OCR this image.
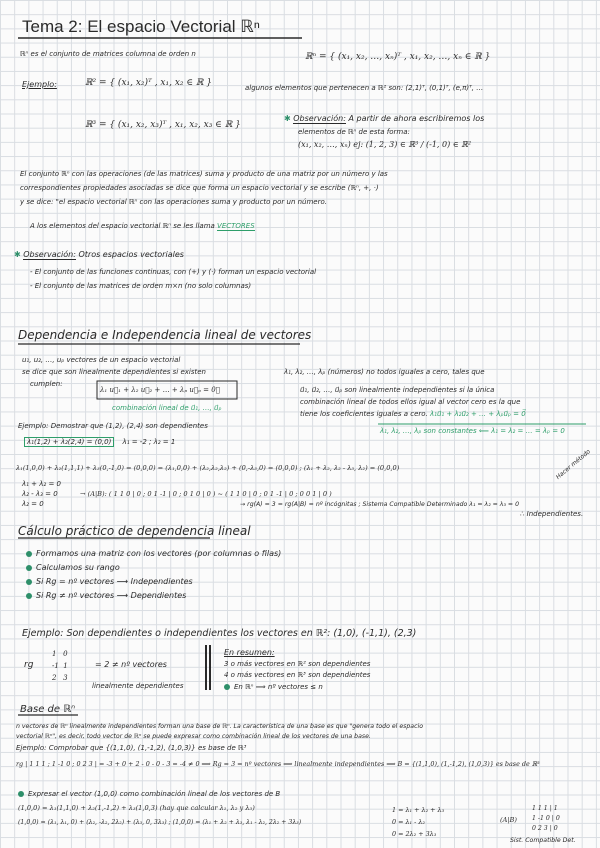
Tema 2: El espacio Vectorial ℝⁿ
ℝⁿ es el conjunto de matrices columna de orden n	ℝⁿ = { (x₁, x₂, …, xₙ)ᵀ , x₁, x₂, …, xₙ ∈ ℝ }
Ejemplo:	ℝ² = { (x₁, x₂)ᵀ , x₁, x₂ ∈ ℝ }	algunos elementos que pertenecen a ℝ² son: (2,1)ᵀ, (0,1)ᵀ, (e,π)ᵀ, …
ℝ³ = { (x₁, x₂, x₃)ᵀ , x₁, x₂, x₃ ∈ ℝ }
✱ Observación: A partir de ahora escribiremos los
elementos de ℝⁿ de esta forma:
(x₁, x₂, …, xₙ) ej: (1, 2, 3) ∈ ℝ³ / (-1, 0) ∈ ℝ²
El conjunto ℝⁿ con las operaciones (de las matrices) suma y producto de una matriz por un número y las
correspondientes propiedades asociadas se dice que forma un espacio vectorial y se escribe (ℝⁿ, +, ·)
y se dice: "el espacio vectorial ℝⁿ con las operaciones suma y producto por un número.
A los elementos del espacio vectorial ℝⁿ se les llama VECTORES
✱ Observación: Otros espacios vectoriales
- El conjunto de las funciones continuas, con (+) y (·) forman un espacio vectorial
- El conjunto de las matrices de orden m×n (no solo columnas)
Dependencia e Independencia lineal de vectores
u₁, u₂, …, uₚ vectores de un espacio vectorial
se dice que son linealmente dependientes si existen
cumplen:
λ₁, λ₂, …, λₚ (números) no todos iguales a cero, tales que
λ₁ u⃗₁ + λ₂ u⃗₂ + … + λₚ u⃗ₚ = 0⃗
combinación lineal de u⃗₁, …, u⃗ₚ
u⃗₁, u⃗₂, …, u⃗ₚ son linealmente independientes si la única
combinación lineal de todos ellos igual al vector cero es la que
tiene los coeficientes iguales a cero. λ₁u⃗₁ + λ₂u⃗₂ + … + λₚu⃗ₚ = 0⃗
λ₁, λ₂, …, λₚ son constantes ⟸ λ₁ = λ₂ = … = λₚ = 0
Ejemplo: Demostrar que (1,2), (2,4) son dependientes
λ₁(1,2) + λ₂(2,4) = (0,0) λ₁ = -2 ; λ₂ = 1
λ₁(1,0,0) + λ₂(1,1,1) + λ₃(0,-1,0) = (0,0,0) = (λ₁,0,0) + (λ₂,λ₂,λ₂) + (0,-λ₃,0) = (0,0,0) ; (λ₁ + λ₂, λ₂ - λ₃, λ₂) = (0,0,0)
λ₁ + λ₂ = 0
λ₂ - λ₃ = 0
λ₂ = 0
→ (A|B): ( 1 1 0 | 0 ; 0 1 -1 | 0 ; 0 1 0 | 0 ) ~ ( 1 1 0 | 0 ; 0 1 -1 | 0 ; 0 0 1 | 0 )
→ rg(A) = 3 = rg(A|B) = nº incógnitas ; Sistema Compatible Determinado λ₁ = λ₂ = λ₃ = 0
∴ Independientes.
Hacer método
Cálculo práctico de dependencia lineal
Formamos una matriz con los vectores (por columnas o filas)
Calculamos su rango
Si Rg = nº vectores ⟶ Independientes
Si Rg ≠ nº vectores ⟶ Dependientes
Ejemplo: Son dependientes o independientes los vectores en ℝ²: (1,0), (-1,1), (2,3)
rg
1 0
-1 1
2 3
= 2 ≠ nº vectores
linealmente dependientes
En resumen:
3 o más vectores en ℝ² son dependientes
4 o más vectores en ℝ³ son dependientes
En ℝⁿ ⟹ nº vectores ≤ n
Base de ℝⁿ
n vectores de ℝⁿ linealmente independientes forman una base de ℝⁿ. La característica de una base es que "genera todo el espacio
vectorial ℝⁿ", es decir, todo vector de ℝⁿ se puede expresar como combinación lineal de los vectores de una base.
Ejemplo: Comprobar que {(1,1,0), (1,-1,2), (1,0,3)} es base de ℝ³
rg | 1 1 1 ; 1 -1 0 ; 0 2 3 | = -3 + 0 + 2 - 0 - 0 - 3 = -4 ≠ 0 ⟹ Rg = 3 = nº vectores ⟹ linealmente independientes ⟹ B = {(1,1,0), (1,-1,2), (1,0,3)} es base de ℝ³
Expresar el vector (1,0,0) como combinación lineal de los vectores de B
(1,0,0) = λ₁(1,1,0) + λ₂(1,-1,2) + λ₃(1,0,3) (hay que calcular λ₁, λ₂ y λ₃)
(1,0,0) = (λ₁, λ₁, 0) + (λ₂, -λ₂, 2λ₂) + (λ₃, 0, 3λ₃) ; (1,0,0) = (λ₁ + λ₂ + λ₃, λ₁ - λ₂, 2λ₂ + 3λ₃)
1 = λ₁ + λ₂ + λ₃
0 = λ₁ - λ₂
0 = 2λ₂ + 3λ₃
(A|B)
1 1 1 | 1
1 -1 0 | 0
0 2 3 | 0
Sist. Compatible Det.
